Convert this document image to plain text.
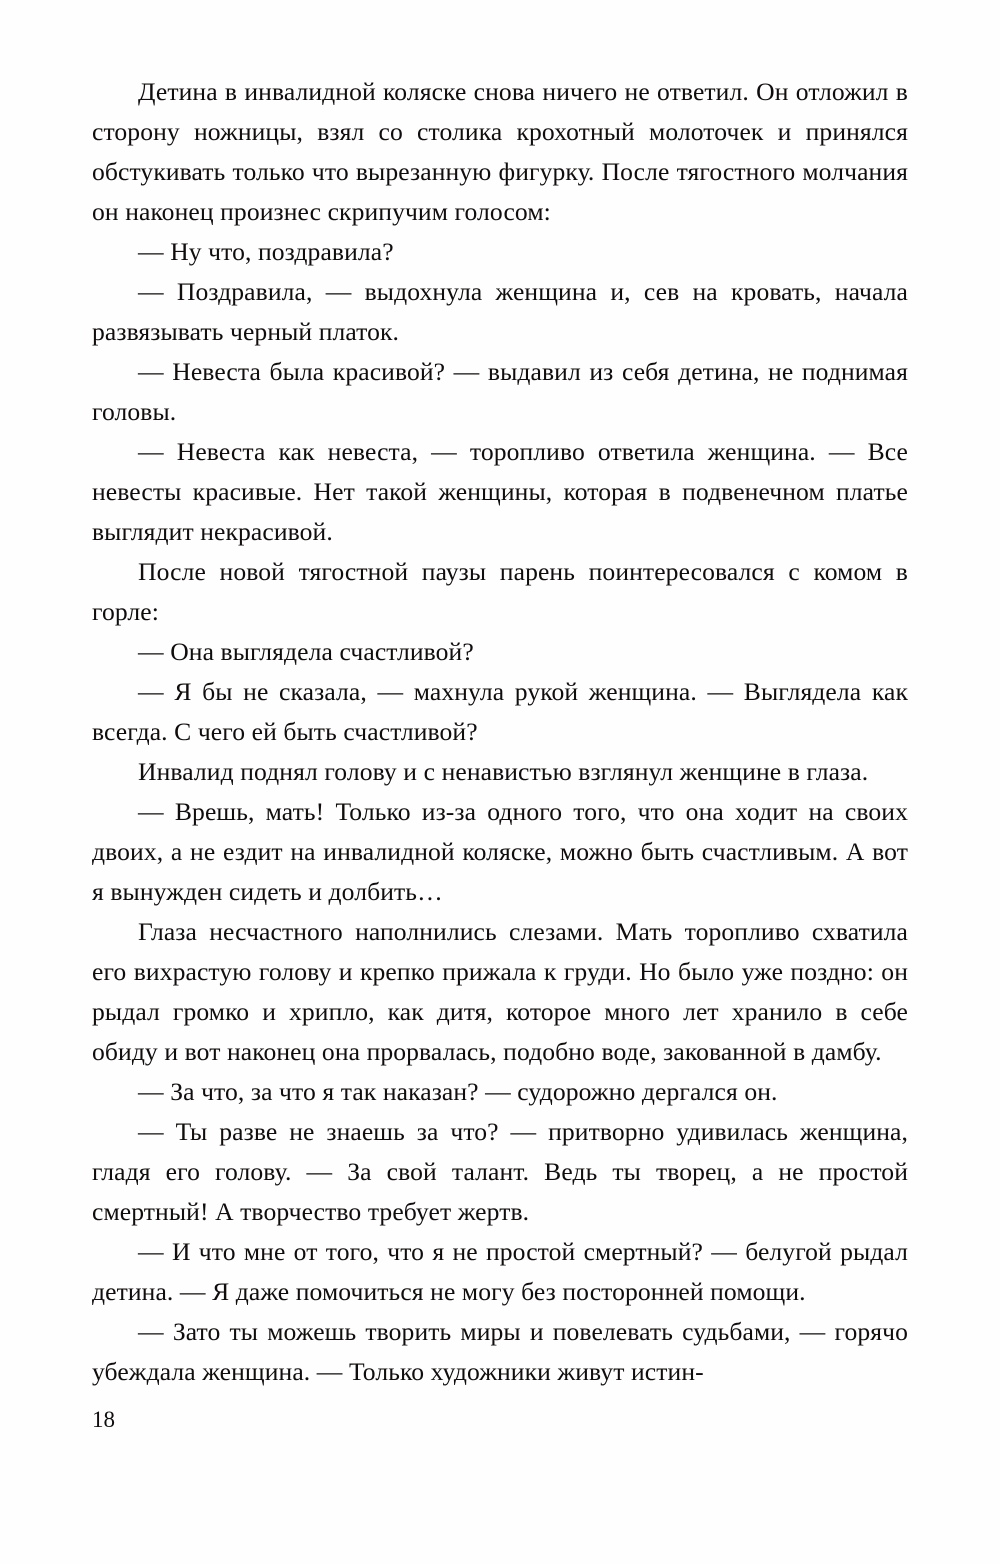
Детина в инвалидной коляске снова ничего не ответил. Он отложил в сторону ножницы, взял со столика крохотный молоточек и принялся обстукивать только что вырезанную фигурку. После тягостного молчания он наконец произнес скрипучим голосом:

— Ну что, поздравила?

— Поздравила, — выдохнула женщина и, сев на кровать, начала развязывать черный платок.

— Невеста была красивой? — выдавил из себя детина, не поднимая головы.

— Невеста как невеста, — торопливо ответила женщина. — Все невесты красивые. Нет такой женщины, которая в подвенечном платье выглядит некрасивой.

После новой тягостной паузы парень поинтересовался с комом в горле:

— Она выглядела счастливой?

— Я бы не сказала, — махнула рукой женщина. — Выглядела как всегда. С чего ей быть счастливой?

Инвалид поднял голову и с ненавистью взглянул женщине в глаза.

— Врешь, мать! Только из-за одного того, что она ходит на своих двоих, а не ездит на инвалидной коляске, можно быть счастливым. А вот я вынужден сидеть и долбить…

Глаза несчастного наполнились слезами. Мать торопливо схватила его вихрастую голову и крепко прижала к груди. Но было уже поздно: он рыдал громко и хрипло, как дитя, которое много лет хранило в себе обиду и вот наконец она прорвалась, подобно воде, закованной в дамбу.

— За что, за что я так наказан? — судорожно дергался он.

— Ты разве не знаешь за что? — притворно удивилась женщина, гладя его голову. — За свой талант. Ведь ты творец, а не простой смертный! А творчество требует жертв.

— И что мне от того, что я не простой смертный? — белугой рыдал детина. — Я даже помочиться не могу без посторонней помощи.

— Зато ты можешь творить миры и повелевать судьбами, — горячо убеждала женщина. — Только художники живут истин-

18
